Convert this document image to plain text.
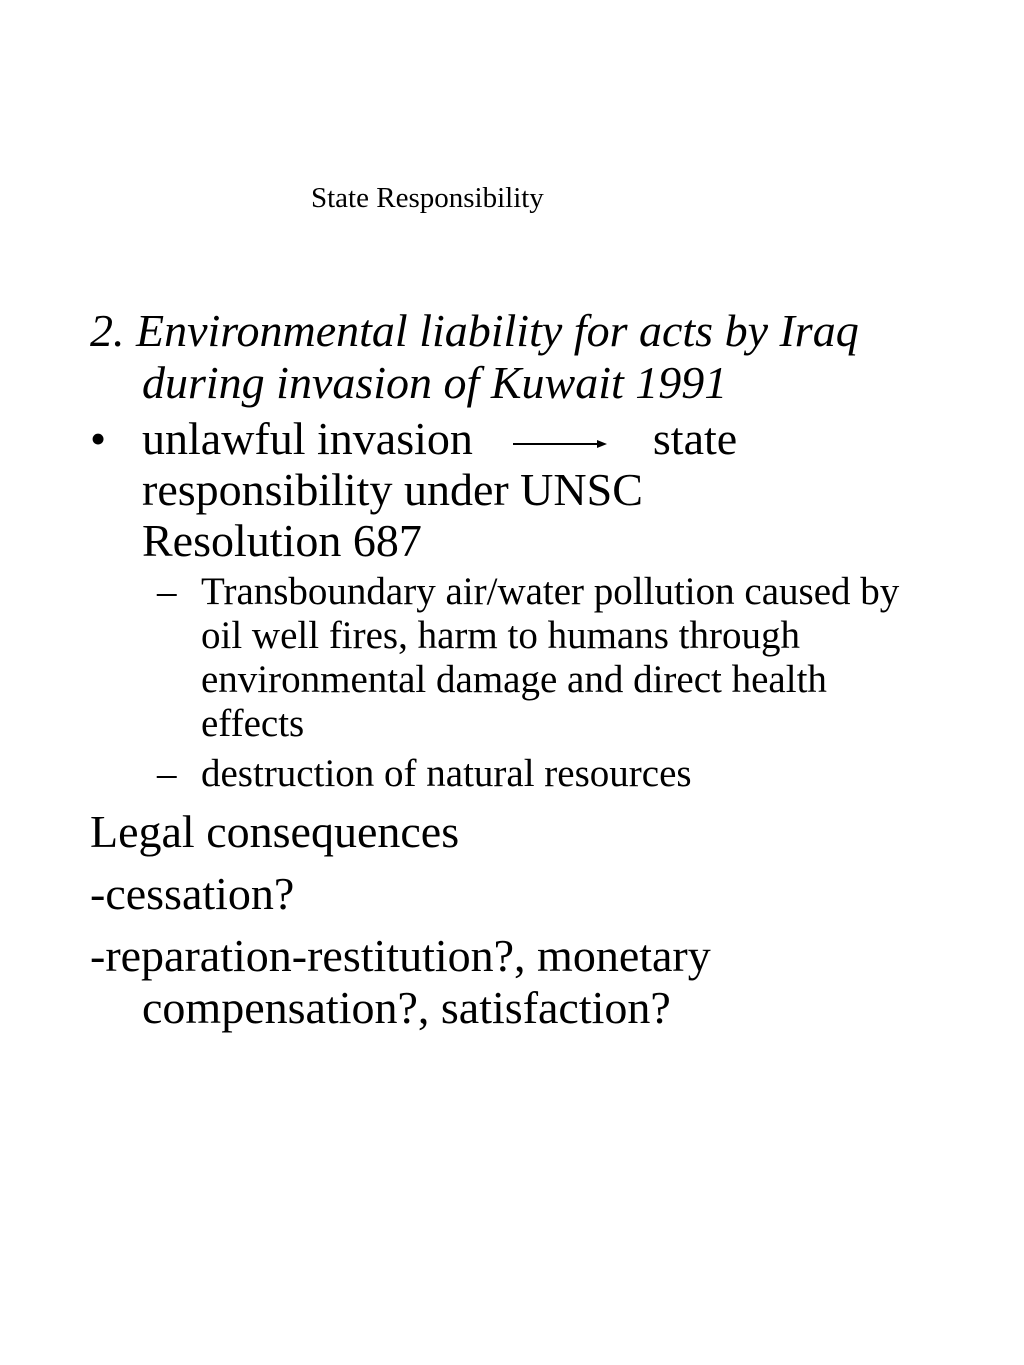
State Responsibility

2. Environmental liability for acts by Iraq during invasion of Kuwait 1991

• unlawful invasion	state
responsibility under UNSC Resolution 687
– Transboundary air/water pollution caused by oil well fires, harm to humans through environmental damage and direct health effects
– destruction of natural resources

Legal consequences

-cessation?

-reparation-restitution?, monetary compensation?, satisfaction?
